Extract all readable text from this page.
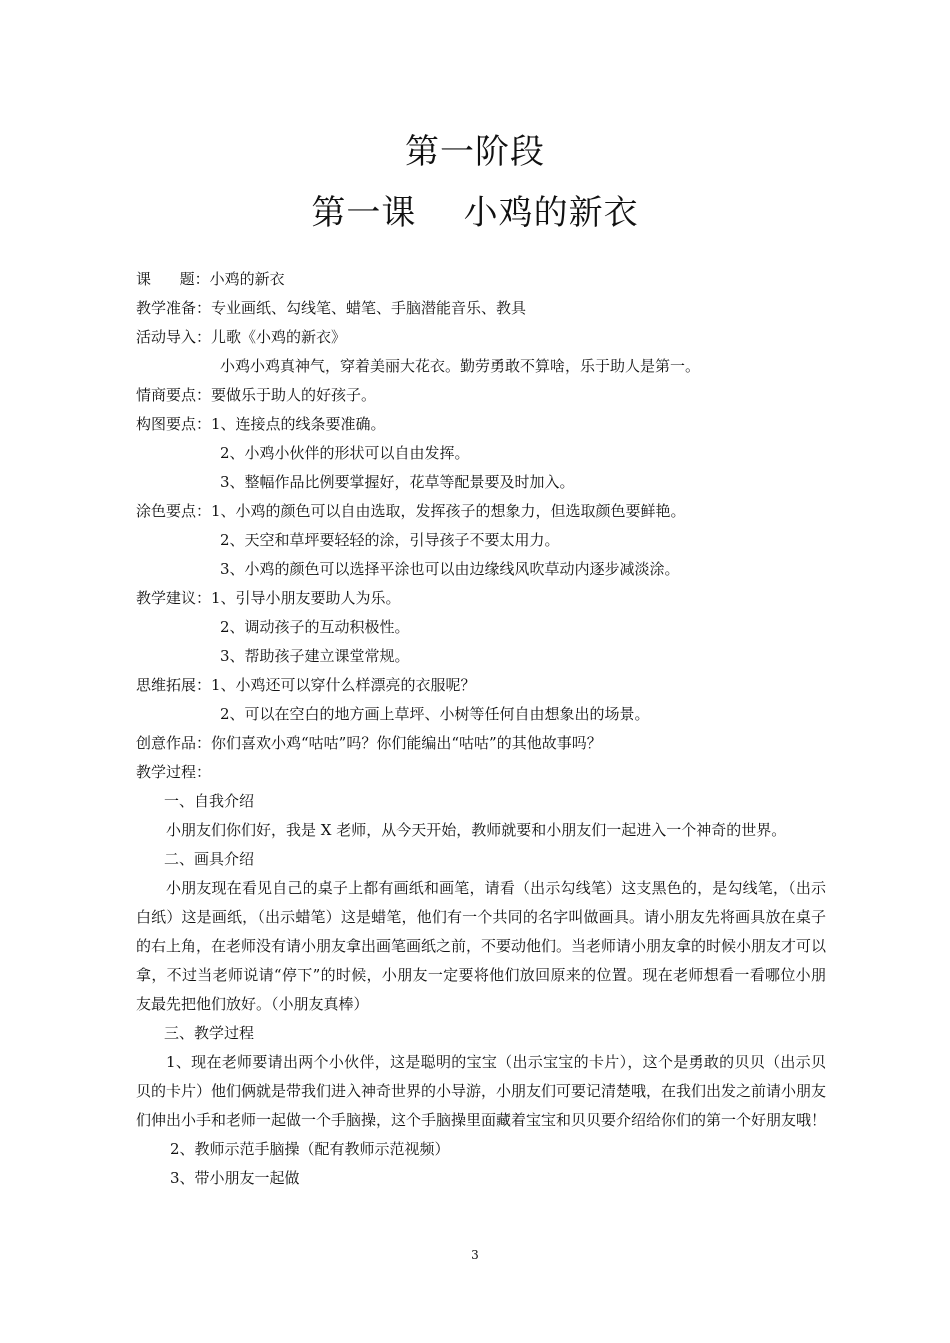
第一阶段
第一课    小鸡的新衣
课      题：小鸡的新衣
教学准备：专业画纸、勾线笔、蜡笔、手脑潜能音乐、教具
活动导入：儿歌《小鸡的新衣》
小鸡小鸡真神气，穿着美丽大花衣。勤劳勇敢不算啥，乐于助人是第一。
情商要点：要做乐于助人的好孩子。
构图要点：1、连接点的线条要准确。
2、小鸡小伙伴的形状可以自由发挥。
3、整幅作品比例要掌握好，花草等配景要及时加入。
涂色要点：1、小鸡的颜色可以自由选取，发挥孩子的想象力，但选取颜色要鲜艳。
2、天空和草坪要轻轻的涂，引导孩子不要太用力。
3、小鸡的颜色可以选择平涂也可以由边缘线风吹草动内逐步减淡涂。
教学建议：1、引导小朋友要助人为乐。
2、调动孩子的互动积极性。
3、帮助孩子建立课堂常规。
思维拓展：1、小鸡还可以穿什么样漂亮的衣服呢？
2、可以在空白的地方画上草坪、小树等任何自由想象出的场景。
创意作品：你们喜欢小鸡“咕咕”吗？你们能编出“咕咕”的其他故事吗？
教学过程：
一、自我介绍

小朋友们你们好，我是 X 老师，从今天开始，教师就要和小朋友们一起进入一个神奇的世界。

二、画具介绍

小朋友现在看见自己的桌子上都有画纸和画笔，请看（出示勾线笔）这支黑色的，是勾线笔，（出示白纸）这是画纸，（出示蜡笔）这是蜡笔，他们有一个共同的名字叫做画具。请小朋友先将画具放在桌子的右上角，在老师没有请小朋友拿出画笔画纸之前，不要动他们。当老师请小朋友拿的时候小朋友才可以拿，不过当老师说请“停下”的时候，小朋友一定要将他们放回原来的位置。现在老师想看一看哪位小朋友最先把他们放好。（小朋友真棒）

三、教学过程

1、现在老师要请出两个小伙伴，这是聪明的宝宝（出示宝宝的卡片），这个是勇敢的贝贝（出示贝贝的卡片）他们俩就是带我们进入神奇世界的小导游，小朋友们可要记清楚哦，在我们出发之前请小朋友们伸出小手和老师一起做一个手脑操，这个手脑操里面藏着宝宝和贝贝要介绍给你们的第一个好朋友哦！

2、教师示范手脑操（配有教师示范视频）
3、带小朋友一起做
3
